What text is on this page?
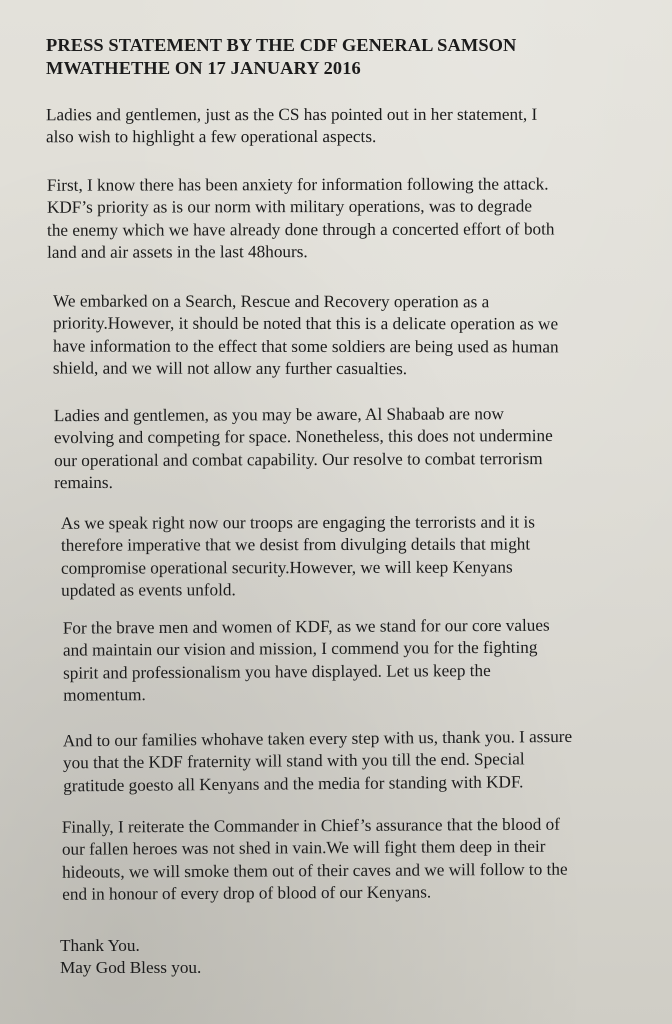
PRESS STATEMENT BY THE CDF GENERAL SAMSON
MWATHETHE ON 17 JANUARY 2016

Ladies and gentlemen, just as the CS has pointed out in her statement, I
also wish to highlight a few operational aspects.

First, I know there has been anxiety for information following the attack.
KDF’s priority as is our norm with military operations, was to degrade
the enemy which we have already done through a concerted effort of both
land and air assets in the last 48hours.

We embarked on a Search, Rescue and Recovery operation as a
priority.However, it should be noted that this is a delicate operation as we
have information to the effect that some soldiers are being used as human
shield, and we will not allow any further casualties.

Ladies and gentlemen, as you may be aware, Al Shabaab are now
evolving and competing for space. Nonetheless, this does not undermine
our operational and combat capability. Our resolve to combat terrorism
remains.

As we speak right now our troops are engaging the terrorists and it is
therefore imperative that we desist from divulging details that might
compromise operational security.However, we will keep Kenyans
updated as events unfold.

For the brave men and women of KDF, as we stand for our core values
and maintain our vision and mission, I commend you for the fighting
spirit and professionalism you have displayed. Let us keep the
momentum.

And to our families whohave taken every step with us, thank you. I assure
you that the KDF fraternity will stand with you till the end. Special
gratitude goesto all Kenyans and the media for standing with KDF.

Finally, I reiterate the Commander in Chief’s assurance that the blood of
our fallen heroes was not shed in vain.We will fight them deep in their
hideouts, we will smoke them out of their caves and we will follow to the
end in honour of every drop of blood of our Kenyans.

Thank You.
May God Bless you.
